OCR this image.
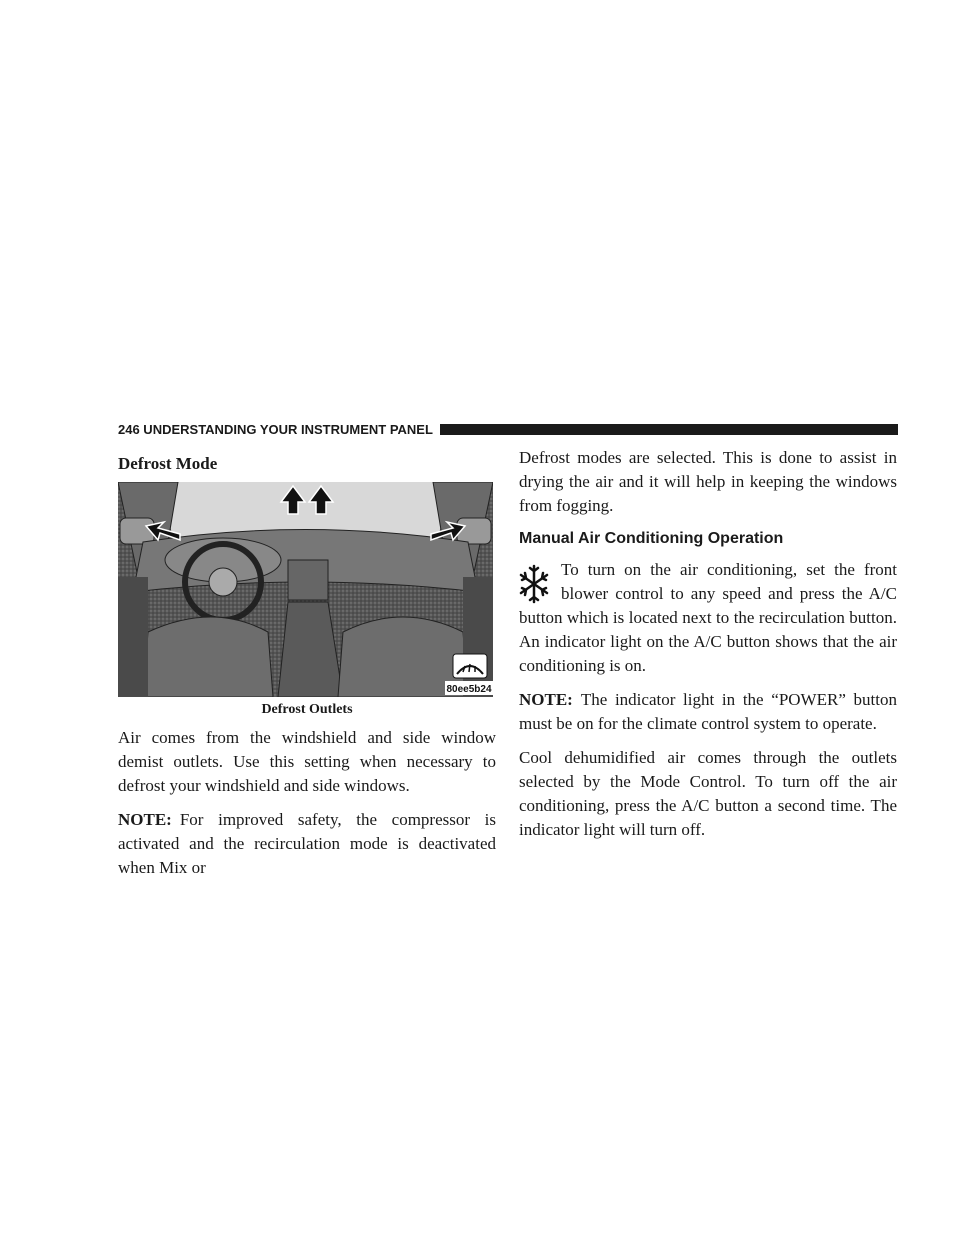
246 UNDERSTANDING YOUR INSTRUMENT PANEL
Defrost Mode
80ee5b24
Defrost Outlets

Air comes from the windshield and side window demist outlets. Use this setting when necessary to defrost your windshield and side windows.

NOTE: For improved safety, the compressor is activated and the recirculation mode is deactivated when Mix or

Defrost modes are selected. This is done to assist in drying the air and it will help in keeping the windows from fogging.

Manual Air Conditioning Operation

To turn on the air conditioning, set the front blower control to any speed and press the A/C button which is located next to the recirculation button. An indicator light on the A/C button shows that the air conditioning is on.

NOTE: The indicator light in the “POWER” button must be on for the climate control system to operate.

Cool dehumidified air comes through the outlets selected by the Mode Control. To turn off the air conditioning, press the A/C button a second time. The indicator light will turn off.
